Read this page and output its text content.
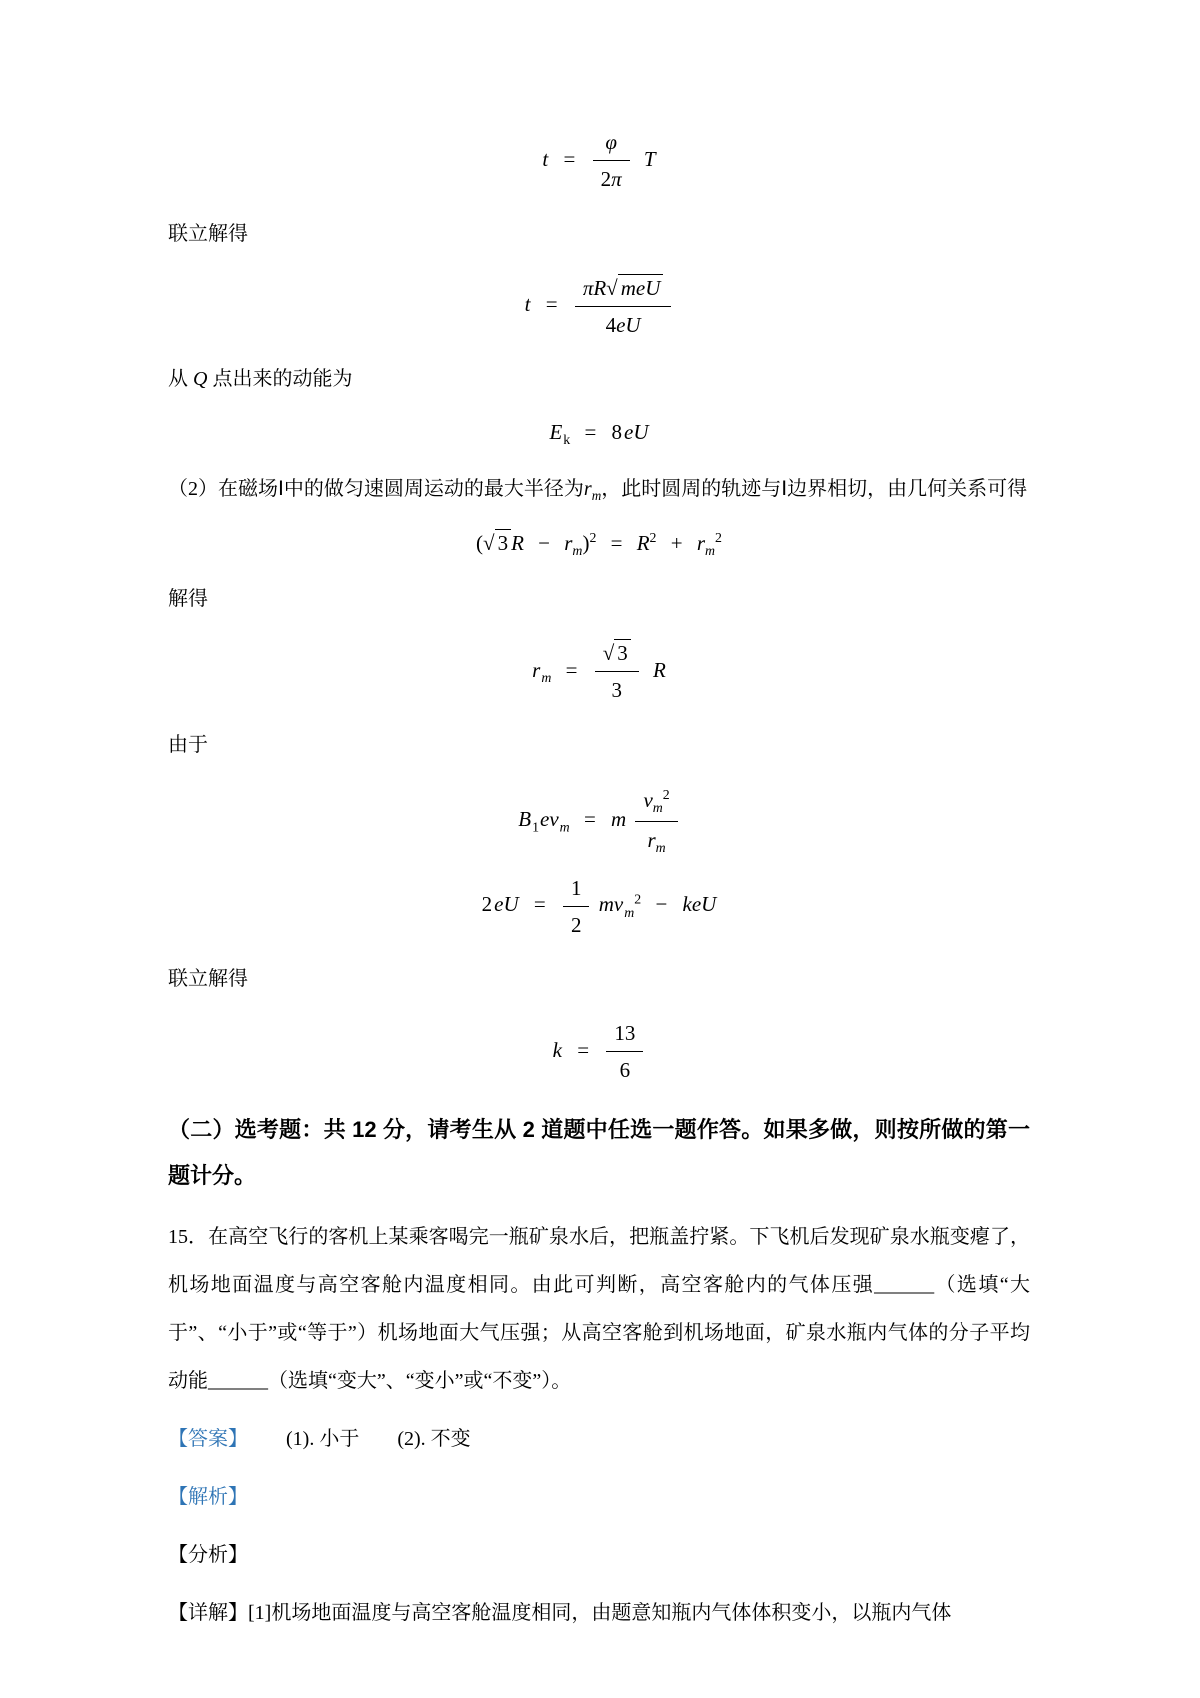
$t = \frac{\varphi}{2\pi}$ T

联立解得

$t = \frac{\text{πR√ meU}}{4eU}$

从 Q 点出来的动能为

$E_k = 8eU$

（2）在磁场Ⅰ中的做匀速圆周运动的最大半径为$r_m$，此时圆周的轨迹与Ⅰ边界相切，由几何关系可得

(√ 3 $R - r_m)^2 = R^2 + r_m^2$

解得

$r_m = \frac{√ 3}{3}$ R

由于

$B_1ev_m = m \frac{v_m^2}{r_m}$
$2eU = \frac{1}{2} mv_m^2$ − keU

联立解得

$k = \frac{13}{6}$

（二）选考题：共 12 分，请考生从 2 道题中任选一题作答。如果多做，则按所做的第一题计分。

15．在高空飞行的客机上某乘客喝完一瓶矿泉水后，把瓶盖拧紧。下飞机后发现矿泉水瓶变瘪了，机场地面温度与高空客舱内温度相同。由此可判断，高空客舱内的气体压强______（选填“大于”、“小于”或“等于”）机场地面大气压强；从高空客舱到机场地面，矿泉水瓶内气体的分子平均动能______（选填“变大”、“变小”或“不变”）。

【答案】 (1). 小于 (2). 不变

【解析】

【分析】

【详解】[1]机场地面温度与高空客舱温度相同，由题意知瓶内气体体积变小，以瓶内气体
